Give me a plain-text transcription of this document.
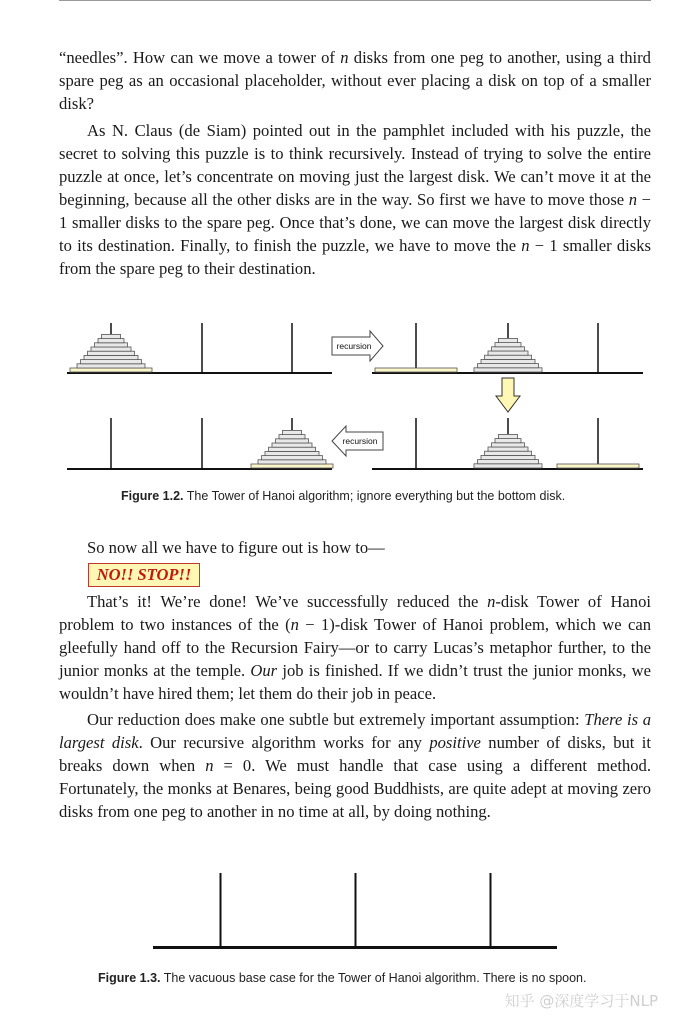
“needles”. How can we move a tower of n disks from one peg to another, using a third spare peg as an occasional placeholder, without ever placing a disk on top of a smaller disk?

As N. Claus (de Siam) pointed out in the pamphlet included with his puzzle, the secret to solving this puzzle is to think recursively. Instead of trying to solve the entire puzzle at once, let’s concentrate on moving just the largest disk. We can’t move it at the beginning, because all the other disks are in the way. So first we have to move those n − 1 smaller disks to the spare peg. Once that’s done, we can move the largest disk directly to its destination. Finally, to finish the puzzle, we have to move the n − 1 smaller disks from the spare peg to their destination.

recursion
recursion
Figure 1.2. The Tower of Hanoi algorithm; ignore everything but the bottom disk.

So now all we have to figure out is how to—

NO!! STOP!!

That’s it! We’re done! We’ve successfully reduced the n-disk Tower of Hanoi problem to two instances of the (n − 1)-disk Tower of Hanoi problem, which we can gleefully hand off to the Recursion Fairy—or to carry Lucas’s metaphor further, to the junior monks at the temple. Our job is finished. If we didn’t trust the junior monks, we wouldn’t have hired them; let them do their job in peace.

Our reduction does make one subtle but extremely important assumption: There is a largest disk. Our recursive algorithm works for any positive number of disks, but it breaks down when n = 0. We must handle that case using a different method. Fortunately, the monks at Benares, being good Buddhists, are quite adept at moving zero disks from one peg to another in no time at all, by doing nothing.

Figure 1.3. The vacuous base case for the Tower of Hanoi algorithm. There is no spoon.
知乎 @深度学习于NLP
